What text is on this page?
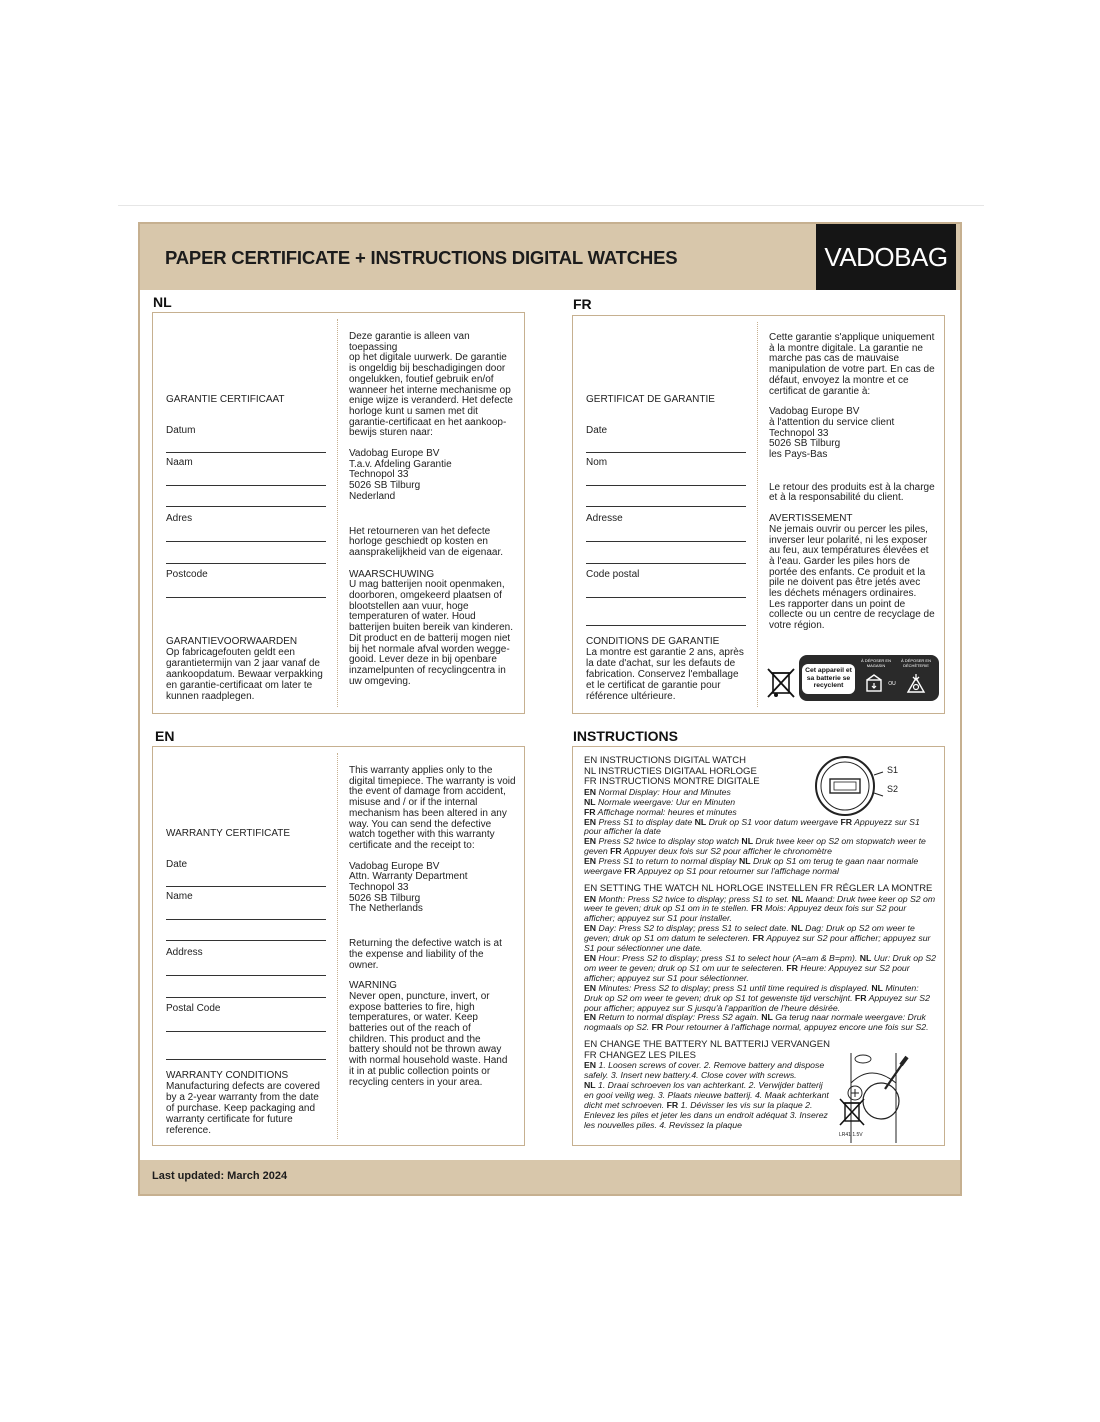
PAPER CERTIFICATE + INSTRUCTIONS DIGITAL WATCHES	VADOBAG
NL
GARANTIE CERTIFICAAT
Datum
Naam
Adres
Postcode
GARANTIEVOORWAARDEN
Op fabricagefouten geldt een garantietermijn van 2 jaar vanaf de aankoopdatum. Bewaar verpakking en garantie-certificaat om later te kunnen raadplegen.

Deze garantie is alleen van toepassing
op het digitale uurwerk. De garantie
is ongeldig bij beschadigingen door
ongelukken, foutief gebruik en/of
wanneer het interne mechanisme op
enige wijze is veranderd. Het defecte
horloge kunt u samen met dit
garantie-certificaat en het aankoop-
bewijs sturen naar:

Vadobag Europe BV
T.a.v. Afdeling Garantie
Technopol 33
5026 SB Tilburg
Nederland

Het retourneren van het defecte
horloge geschiedt op kosten en
aansprakelijkheid van de eigenaar.

WAARSCHUWING

U mag batterijen nooit openmaken,
doorboren, omgekeerd plaatsen of
blootstellen aan vuur, hoge
temperaturen of water. Houd
batterijen buiten bereik van kinderen.
Dit product en de batterij mogen niet
bij het normale afval worden wegge-
gooid. Lever deze in bij openbare
inzamelpunten of recyclingcentra in
uw omgeving.

FR
GERTIFICAT DE GARANTIE
Date
Nom
Adresse
Code postal
CONDITIONS DE GARANTIE
La montre est garantie 2 ans, après la date d'achat, sur les defauts de fabrication. Conservez l'emballage et le certificat de garantie pour référence ultérieure.

Cette garantie s'applique uniquement
à la montre digitale. La garantie ne
marche pas cas de mauvaise
manipulation de votre part. En cas de
défaut, envoyez la montre et ce
certificat de garantie à:

Vadobag Europe BV
à l'attention du service client
Technopol 33
5026 SB Tilburg
les Pays-Bas

Le retour des produits est à la charge
et à la responsabilité du client.

AVERTISSEMENT

Ne jemais ouvrir ou percer les piles,
inverser leur polarité, ni les exposer
au feu, aux températures élevées et
à l'eau. Garder les piles hors de
portée des enfants. Ce produit et la
pile ne doivent pas être jetés avec
les déchets ménagers ordinaires.
Les rapporter dans un point de
collecte ou un centre de recyclage de
votre région.

Cet appareil et sa batterie se recyclent
À DÉPOSER EN MAGASIN
À DÉPOSER EN DÉCHÈTERIE
OU
EN
WARRANTY CERTIFICATE
Date
Name
Address
Postal Code
WARRANTY CONDITIONS
Manufacturing defects are covered by a 2-year warranty from the date of purchase. Keep packaging and warranty certificate for future reference.

This warranty applies only to the
digital timepiece. The warranty is void
the event of damage from accident,
misuse and / or if the internal
mechanism has been altered in any
way. You can send the defective
watch together with this warranty
certificate and the receipt to:

Vadobag Europe BV
Attn. Warranty Department
Technopol 33
5026 SB Tilburg
The Netherlands

Returning the defective watch is at
the expense and liability of the
owner.

WARNING

Never open, puncture, invert, or
expose batteries to fire, high
temperatures, or water. Keep
batteries out of the reach of
children. This product and the
battery should not be thrown away
with normal household waste. Hand
it in at public collection points or
recycling centers in your area.

INSTRUCTIONS

EN INSTRUCTIONS DIGITAL WATCH

NL INSTRUCTIES DIGITAAL HORLOGE

FR INSTRUCTIONS MONTRE DIGITALE

EN Normal Display: Hour and Minutes

NL Normale weergave: Uur en Minuten

FR Affichage normal: heures et minutes

EN Press S1 to display date NL Druk op S1 voor datum weergave FR Appuyezz sur S1 pour afficher la date

EN Press S2 twice to display stop watch NL Druk twee keer op S2 om stopwatch weer te geven FR Appuyer deux fois sur S2 pour afficher le chronomètre

EN Press S1 to return to normal display NL Druk op S1 om terug te gaan naar normale weergave FR Appuyez op S1 pour retourner sur l'affichage normal

EN SETTING THE WATCH NL HORLOGE INSTELLEN FR RÉGLER LA MONTRE

EN Month: Press S2 twice to display; press S1 to set. NL Maand: Druk twee keer op S2 om weer te geven; druk op S1 om in te stellen. FR Mois: Appuyez deux fois sur S2 pour afficher; appuyez sur S1 pour installer.

EN Day: Press S2 to display; press S1 to select date. NL Dag: Druk op S2 om weer te geven; druk op S1 om datum te selecteren. FR Appuyez sur S2 pour afficher; appuyez sur S1 pour sélectionner une date.

EN Hour: Press S2 to display; press S1 to select hour (A=am & B=pm). NL Uur: Druk op S2 om weer te geven; druk op S1 om uur te selecteren. FR Heure: Appuyez sur S2 pour afficher; appuyez sur S1 pour sélectionner.

EN Minutes: Press S2 to display; press S1 until time required is displayed. NL Minuten: Druk op S2 om weer te geven; druk op S1 tot gewenste tijd verschijnt. FR Appuyez sur S2 pour afficher; appuyez sur S jusqu'à l'apparition de l'heure désirée.

EN Return to normal display: Press S2 again. NL Ga terug naar normale weergave: Druk nogmaals op S2. FR Pour retourner à l'affichage normal, appuyez encore une fois sur S2.

EN CHANGE THE BATTERY NL BATTERIJ VERVANGEN

FR CHANGEZ LES PILES

EN 1. Loosen screws of cover. 2. Remove battery and dispose safely. 3. Insert new battery.4. Close cover with screws.

NL 1. Draai schroeven los van achterkant. 2. Verwijder batterij en gooi veilig weg. 3. Plaats nieuwe batterij. 4. Maak achterkant dicht met schroeven. FR 1. Dévisser les vis sur la plaque 2. Enlevez les piles et jeter les dans un endroit adéquat 3. Inserez les nouvelles piles. 4. Revissez la plaque

S1
S2
LR41 1.5V
Last updated: March 2024
